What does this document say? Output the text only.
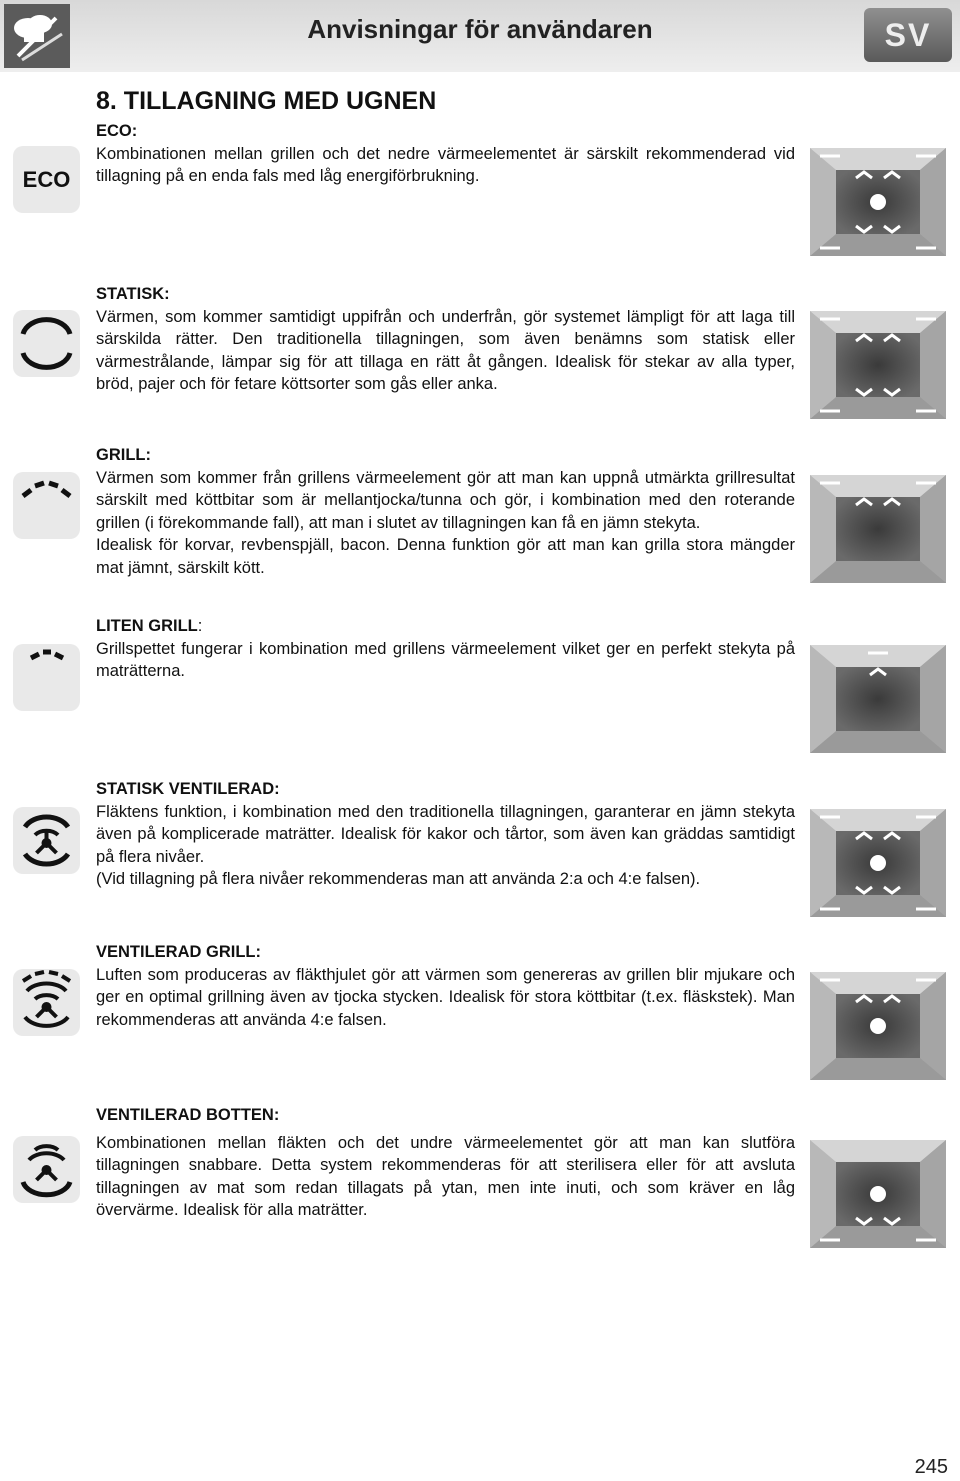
Anvisningar för användaren	SV
8. TILLAGNING MED UGNEN
ECO
ECO:

Kombinationen mellan grillen och det nedre värmeelementet är särskilt rekommenderad vid tillagning på en enda fals med låg energiförbrukning.

STATISK:

Värmen, som kommer samtidigt uppifrån och underfrån, gör systemet lämpligt för att laga till särskilda rätter. Den traditionella tillagningen, som även benämns som statisk eller värmestrålande, lämpar sig för att tillaga en rätt åt gången. Idealisk för stekar av alla typer, bröd, pajer och för fetare köttsorter som gås eller anka.

GRILL:

Värmen som kommer från grillens värmeelement gör att man kan uppnå utmärkta grillresultat särskilt med köttbitar som är mellantjocka/tunna och gör, i kombination med den roterande grillen (i förekommande fall), att man i slutet av tillagningen kan få en jämn stekyta.

Idealisk för korvar, revbenspjäll, bacon. Denna funktion gör att man kan grilla stora mängder mat jämnt, särskilt kött.

LITEN GRILL:

Grillspettet fungerar i kombination med grillens värmeelement vilket ger en perfekt stekyta på maträtterna.

STATISK VENTILERAD:

Fläktens funktion, i kombination med den traditionella tillagningen, garanterar en jämn stekyta även på komplicerade maträtter. Idealisk för kakor och tårtor, som även kan gräddas samtidigt på flera nivåer.

(Vid tillagning på flera nivåer rekommenderas man att använda 2:a och 4:e falsen).

VENTILERAD GRILL:

Luften som produceras av fläkthjulet gör att värmen som genereras av grillen blir mjukare och ger en optimal grillning även av tjocka stycken. Idealisk för stora köttbitar (t.ex. fläskstek). Man rekommenderas att använda 4:e falsen.

VENTILERAD BOTTEN:

Kombinationen mellan fläkten och det undre värmeelementet gör att man kan slutföra tillagningen snabbare. Detta system rekommenderas för att sterilisera eller för att avsluta tillagningen av mat som redan tillagats på ytan, men inte inuti, och som kräver en låg övervärme. Idealisk för alla maträtter.

245
